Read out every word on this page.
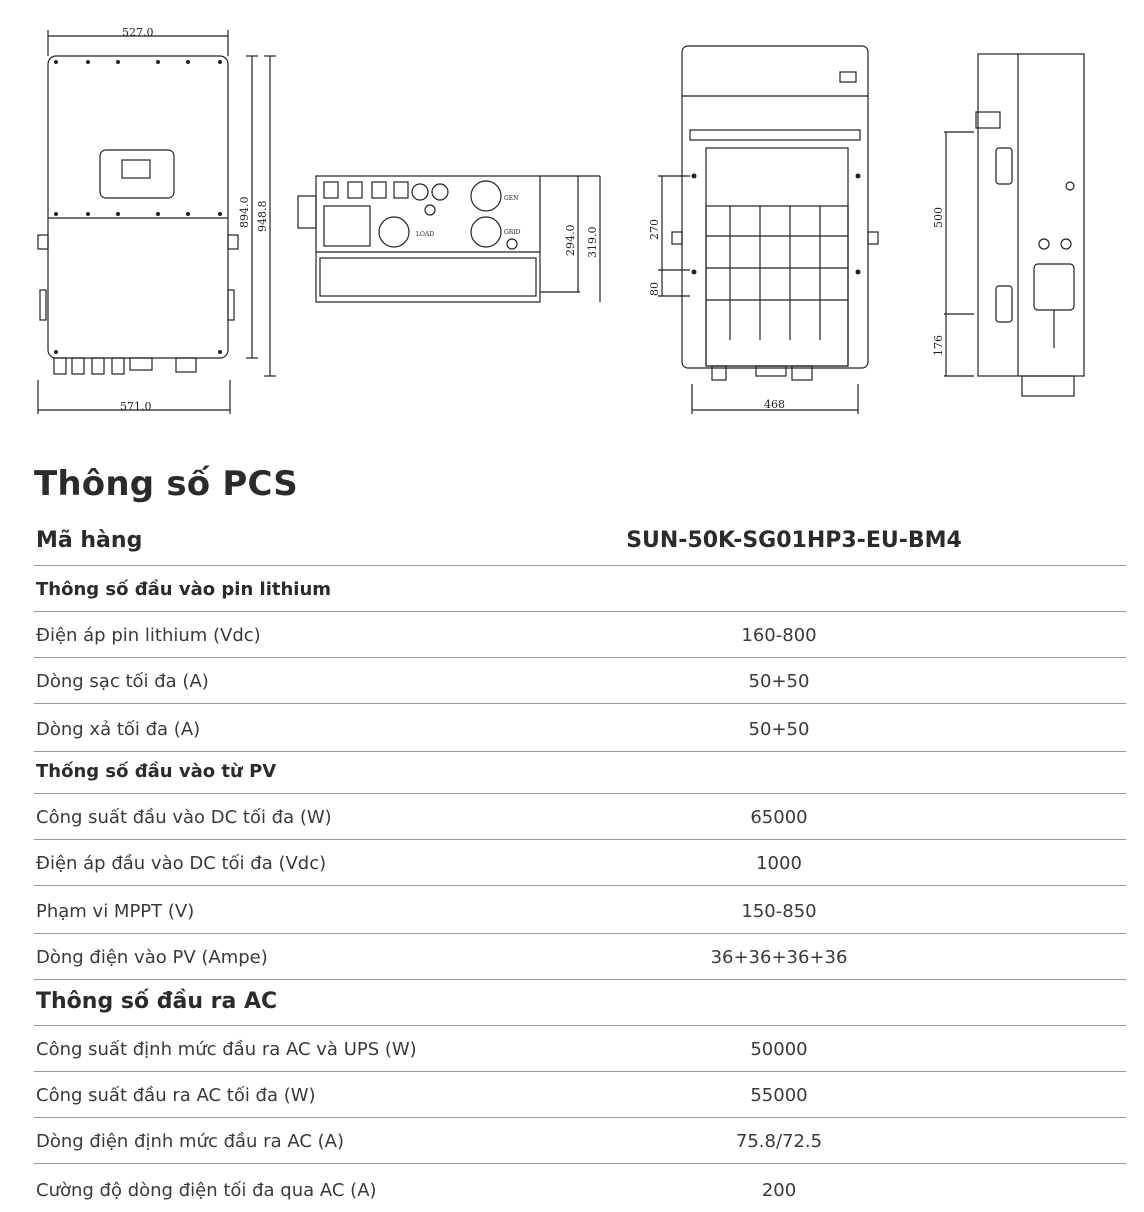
527.0
571.0
894.0 948.8
294.0 319.0	270
80
468
500
176
LOAD
GEN
GRID
Thông số PCS
Mã hàng	SUN-50K-SG01HP3-EU-BM4
Thông số đầu vào pin lithium
Điện áp pin lithium (Vdc)	160-800
Dòng sạc tối đa (A)	50+50
Dòng xả tối đa (A)	50+50
Thống số đầu vào từ PV
Công suất đầu vào DC tối đa (W)	65000
Điện áp đầu vào DC tối đa (Vdc)	1000
Phạm vi MPPT (V)	150-850
Dòng điện vào PV (Ampe)	36+36+36+36
Thông số đầu ra AC
Công suất định mức đầu ra AC và UPS (W)	50000
Công suất đầu ra AC tối đa (W)	55000
Dòng điện định mức đầu ra AC (A)	75.8/72.5
Cường độ dòng điện tối đa qua AC (A)	200
